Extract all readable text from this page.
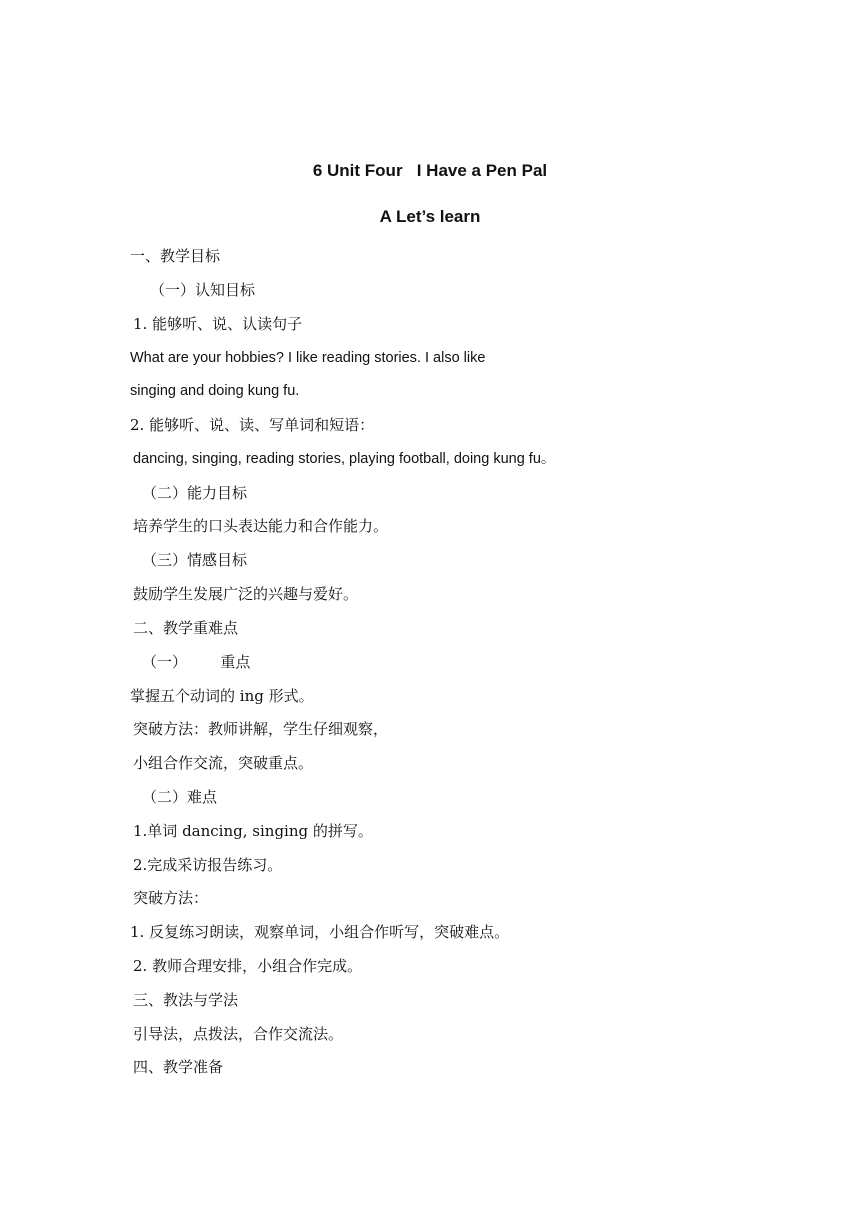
6 Unit Four   I Have a Pen Pal
A Let’s learn
一、教学目标
（一）认知目标
1. 能够听、说、认读句子
What are your hobbies? I like reading stories. I also like
singing and doing kung fu.
2. 能够听、说、读、写单词和短语：
dancing, singing, reading stories, playing football, doing kung fu。
（二）能力目标
培养学生的口头表达能力和合作能力。
（三）情感目标
鼓励学生发展广泛的兴趣与爱好。
二、教学重难点
（一）       重点
掌握五个动词的 ing 形式。
突破方法：教师讲解，学生仔细观察，
小组合作交流，突破重点。
（二）难点
1.单词 dancing, singing 的拼写。
2.完成采访报告练习。
突破方法：
1. 反复练习朗读，观察单词，小组合作听写，突破难点。
2. 教师合理安排，小组合作完成。
三、教法与学法
引导法，点拨法，合作交流法。
四、教学准备
